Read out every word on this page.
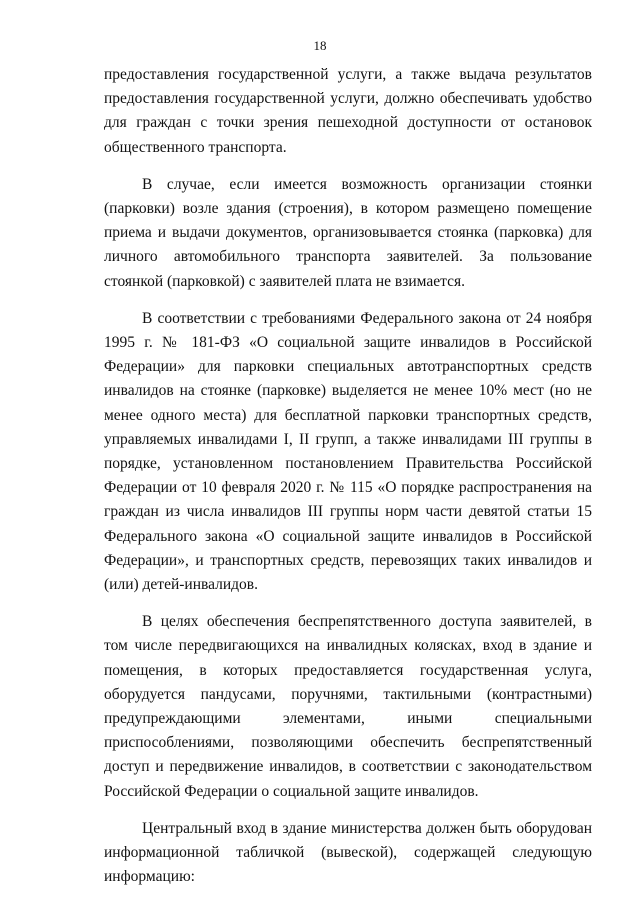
18

предоставления государственной услуги, а также выдача результатов предоставления государственной услуги, должно обеспечивать удобство для граждан с точки зрения пешеходной доступности от остановок общественного транспорта.

В случае, если имеется возможность организации стоянки (парковки) возле здания (строения), в котором размещено помещение приема и выдачи документов, организовывается стоянка (парковка) для личного автомобильного транспорта заявителей. За пользование стоянкой (парковкой) с заявителей плата не взимается.

В соответствии с требованиями Федерального закона от 24 ноября 1995 г. № 181-ФЗ «О социальной защите инвалидов в Российской Федерации» для парковки специальных автотранспортных средств инвалидов на стоянке (парковке) выделяется не менее 10% мест (но не менее одного места) для бесплатной парковки транспортных средств, управляемых инвалидами I, II групп, а также инвалидами III группы в порядке, установленном постановлением Правительства Российской Федерации от 10 февраля 2020 г. № 115 «О порядке распространения на граждан из числа инвалидов III группы норм части девятой статьи 15 Федерального закона «О социальной защите инвалидов в Российской Федерации», и транспортных средств, перевозящих таких инвалидов и (или) детей-инвалидов.

В целях обеспечения беспрепятственного доступа заявителей, в том числе передвигающихся на инвалидных колясках, вход в здание и помещения, в которых предоставляется государственная услуга, оборудуется пандусами, поручнями, тактильными (контрастными) предупреждающими элементами, иными специальными приспособлениями, позволяющими обеспечить беспрепятственный доступ и передвижение инвалидов, в соответствии с законодательством Российской Федерации о социальной защите инвалидов.

Центральный вход в здание министерства должен быть оборудован информационной табличкой (вывеской), содержащей следующую информацию:
